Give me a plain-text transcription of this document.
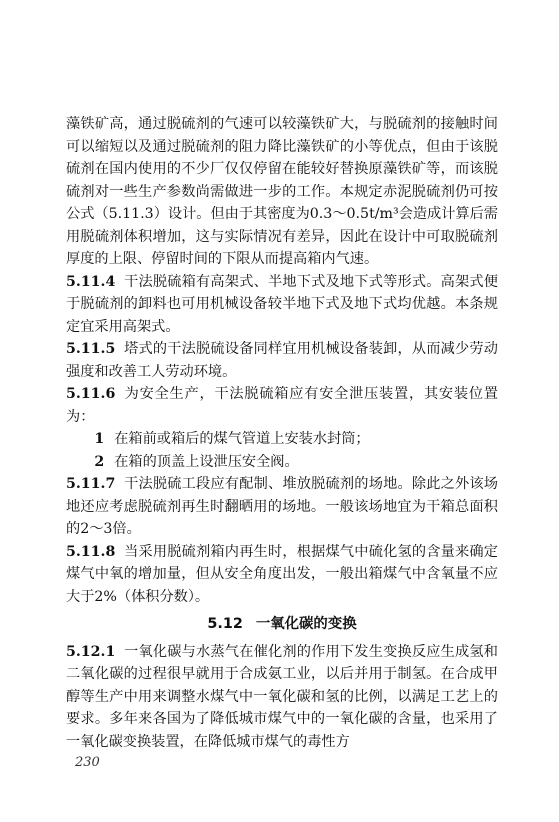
藻铁矿高，通过脱硫剂的气速可以较藻铁矿大，与脱硫剂的接触时间可以缩短以及通过脱硫剂的阻力降比藻铁矿的小等优点，但由于该脱硫剂在国内使用的不少厂仅仅停留在能较好替换原藻铁矿等，而该脱硫剂对一些生产参数尚需做进一步的工作。本规定赤泥脱硫剂仍可按公式（5.11.3）设计。但由于其密度为0.3～0.5t/m³会造成计算后需用脱硫剂体积增加，这与实际情况有差异，因此在设计中可取脱硫剂厚度的上限、停留时间的下限从而提高箱内气速。

5.11.4 干法脱硫箱有高架式、半地下式及地下式等形式。高架式便于脱硫剂的卸料也可用机械设备较半地下式及地下式均优越。本条规定宜采用高架式。

5.11.5 塔式的干法脱硫设备同样宜用机械设备装卸，从而减少劳动强度和改善工人劳动环境。

5.11.6 为安全生产，干法脱硫箱应有安全泄压装置，其安装位置为：

1 在箱前或箱后的煤气管道上安装水封筒；

2 在箱的顶盖上设泄压安全阀。

5.11.7 干法脱硫工段应有配制、堆放脱硫剂的场地。除此之外该场地还应考虑脱硫剂再生时翻晒用的场地。一般该场地宜为干箱总面积的2～3倍。

5.11.8 当采用脱硫剂箱内再生时，根据煤气中硫化氢的含量来确定煤气中氧的增加量，但从安全角度出发，一般出箱煤气中含氧量不应大于2%（体积分数）。

5.12 一氧化碳的变换

5.12.1 一氧化碳与水蒸气在催化剂的作用下发生变换反应生成氢和二氧化碳的过程很早就用于合成氨工业，以后并用于制氢。在合成甲醇等生产中用来调整水煤气中一氧化碳和氢的比例，以满足工艺上的要求。多年来各国为了降低城市煤气中的一氧化碳的含量，也采用了一氧化碳变换装置，在降低城市煤气的毒性方

230
